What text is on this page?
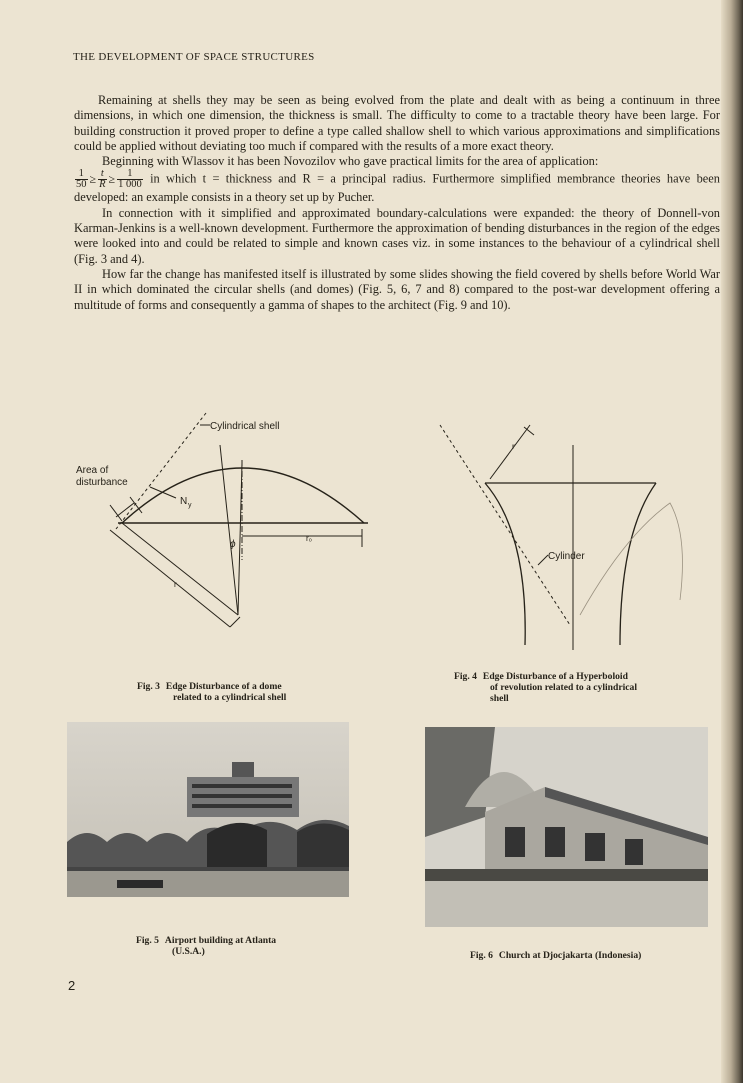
THE DEVELOPMENT OF SPACE STRUCTURES

Remaining at shells they may be seen as being evolved from the plate and dealt with as being a continuum in three dimensions, in which one dimension, the thickness is small. The difficulty to come to a tractable theory have been large. For building construction it proved proper to define a type called shallow shell to which various approximations and simplifications could be applied without deviating too much if compared with the results of a more exact theory.

Beginning with Wlassov it has been Novozilov who gave practical limits for the area of application:

$\frac{1}{50} \ge \frac{t}{R} \ge \frac{1}{1 000}$ in which t = thickness and R = a principal radius. Furthermore simplified membrance theories have been developed: an example consists in a theory set up by Pucher.

In connection with it simplified and approximated boundary-calculations were expanded: the theory of Donnell-von Karman-Jenkins is a well-known development. Furthermore the approximation of bending disturbances in the region of the edges were looked into and could be related to simple and known cases viz. in some instances to the behaviour of a cylindrical shell (Fig. 3 and 4).

How far the change has manifested itself is illustrated by some slides showing the field covered by shells before World War II in which dominated the circular shells (and domes) (Fig. 5, 6, 7 and 8) compared to the post-war development offering a multitude of forms and consequently a gamma of shapes to the architect (Fig. 9 and 10).

Cylindrical shell
Area of
disturbance
N y
ϕ
r₀
r
Cylinder
r
Fig. 3 Edge Disturbance of a dome
related to a cylindrical shell
Fig. 4 Edge Disturbance of a Hyperboloid
of revolution related to a cylindrical
shell
Fig. 5 Airport building at Atlanta
(U.S.A.)	Fig. 6 Church at Djocjakarta (Indonesia)
2
